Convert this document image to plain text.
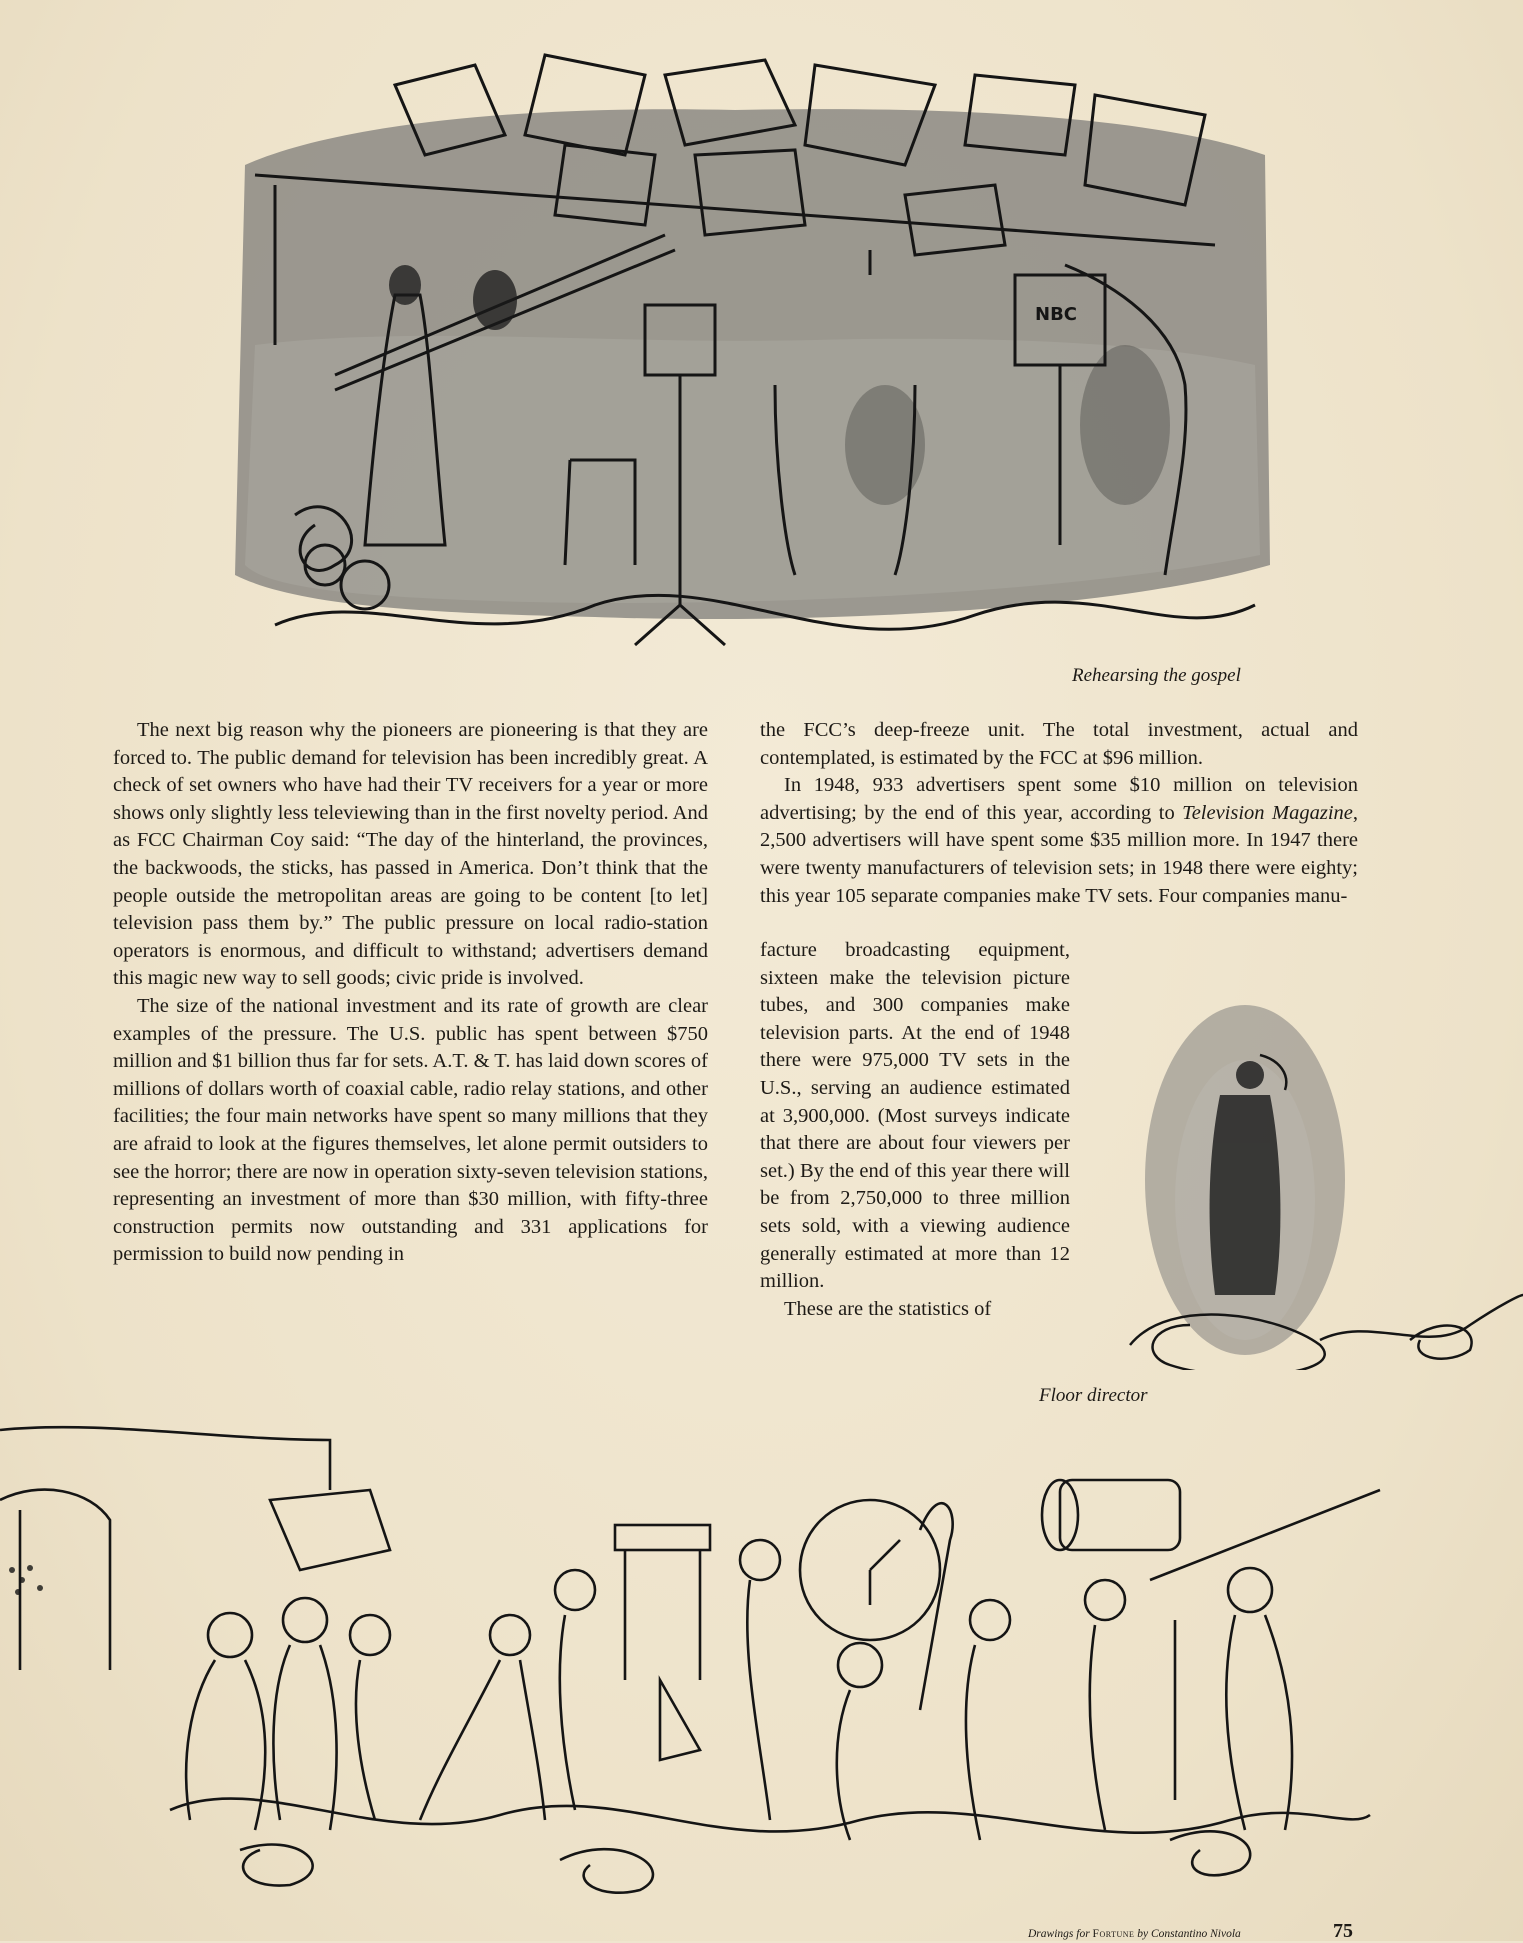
NBC
Rehearsing the gospel

The next big reason why the pioneers are pioneering is that they are forced to. The public demand for television has been incredibly great. A check of set owners who have had their TV receivers for a year or more shows only slightly less televiewing than in the first novelty period. And as FCC Chairman Coy said: “The day of the hinterland, the provinces, the backwoods, the sticks, has passed in America. Don’t think that the people outside the metropolitan areas are going to be content [to let] television pass them by.” The public pressure on local radio-station operators is enormous, and difficult to withstand; advertisers demand this magic new way to sell goods; civic pride is involved.

The size of the national investment and its rate of growth are clear examples of the pressure. The U.S. public has spent between $750 million and $1 billion thus far for sets. A.T. & T. has laid down scores of millions of dollars worth of coaxial cable, radio relay stations, and other facilities; the four main networks have spent so many millions that they are afraid to look at the figures themselves, let alone permit outsiders to see the horror; there are now in operation sixty-seven television stations, representing an investment of more than $30 million, with fifty-three construction permits now outstanding and 331 applications for permission to build now pending in

the FCC’s deep-freeze unit. The total investment, actual and contemplated, is estimated by the FCC at $96 million.

In 1948, 933 advertisers spent some $10 million on television advertising; by the end of this year, according to Television Magazine, 2,500 advertisers will have spent some $35 million more. In 1947 there were twenty manufacturers of television sets; in 1948 there were eighty; this year 105 separate companies make TV sets. Four companies manu-

facture broadcasting equipment, sixteen make the television picture tubes, and 300 companies make television parts. At the end of 1948 there were 975,000 TV sets in the U.S., serving an audience estimated at 3,900,000. (Most surveys indicate that there are about four viewers per set.) By the end of this year there will be from 2,750,000 to three million sets sold, with a viewing audience generally estimated at more than 12 million.

These are the statistics of

Floor director
Drawings for Fortune by Constantino Nivola	75
